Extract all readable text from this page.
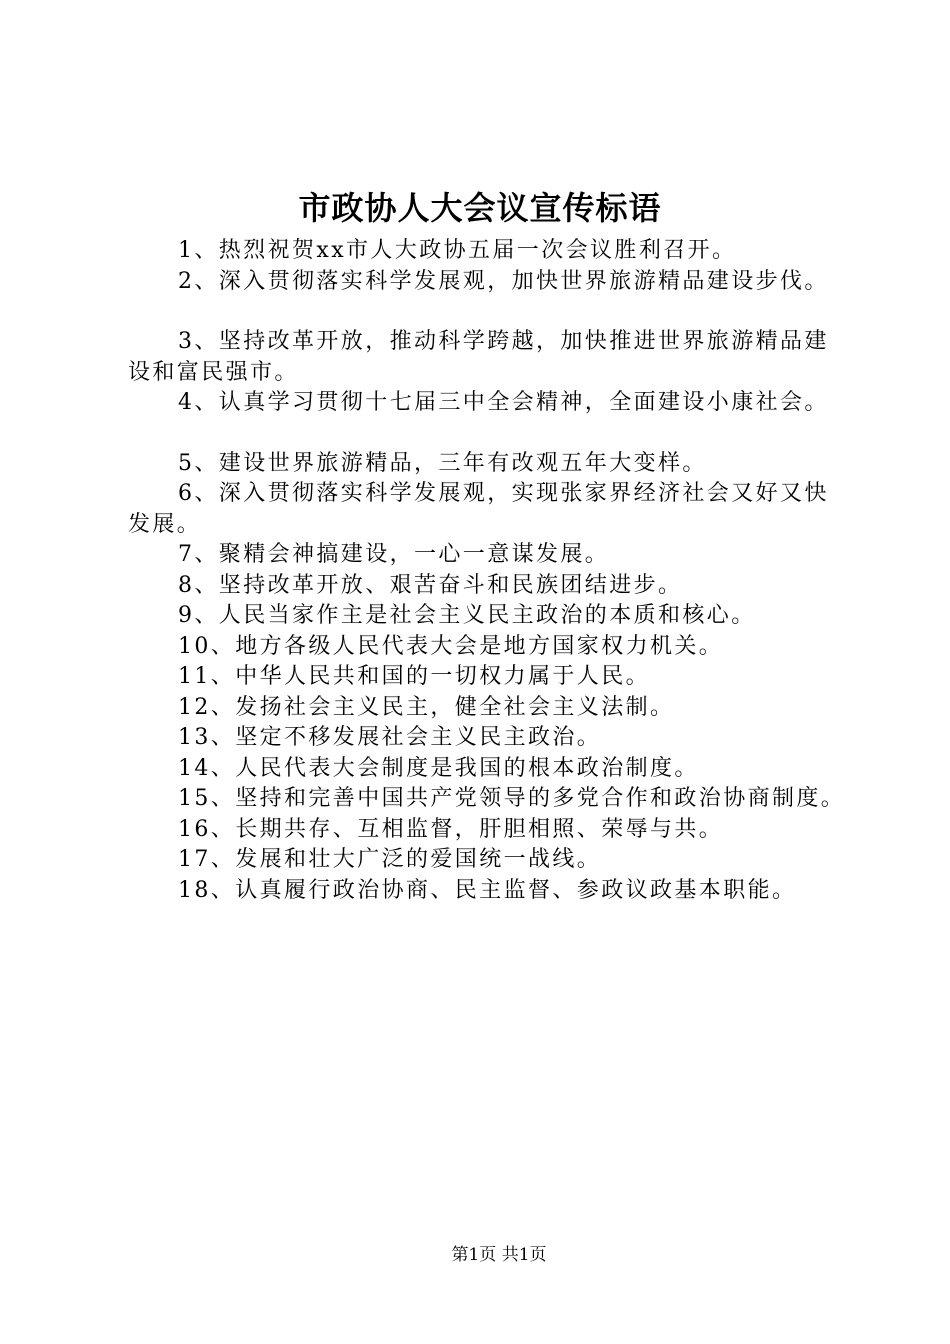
市政协人大会议宣传标语

1、热烈祝贺xx市人大政协五届一次会议胜利召开。

2、深入贯彻落实科学发展观，加快世界旅游精品建设步伐。

3、坚持改革开放，推动科学跨越，加快推进世界旅游精品建设和富民强市。

4、认真学习贯彻十七届三中全会精神，全面建设小康社会。

5、建设世界旅游精品，三年有改观五年大变样。

6、深入贯彻落实科学发展观，实现张家界经济社会又好又快发展。

7、聚精会神搞建设，一心一意谋发展。

8、坚持改革开放、艰苦奋斗和民族团结进步。

9、人民当家作主是社会主义民主政治的本质和核心。

10、地方各级人民代表大会是地方国家权力机关。

11、中华人民共和国的一切权力属于人民。

12、发扬社会主义民主，健全社会主义法制。

13、坚定不移发展社会主义民主政治。

14、人民代表大会制度是我国的根本政治制度。

15、坚持和完善中国共产党领导的多党合作和政治协商制度。

16、长期共存、互相监督，肝胆相照、荣辱与共。

17、发展和壮大广泛的爱国统一战线。

18、认真履行政治协商、民主监督、参政议政基本职能。

第1页 共1页
